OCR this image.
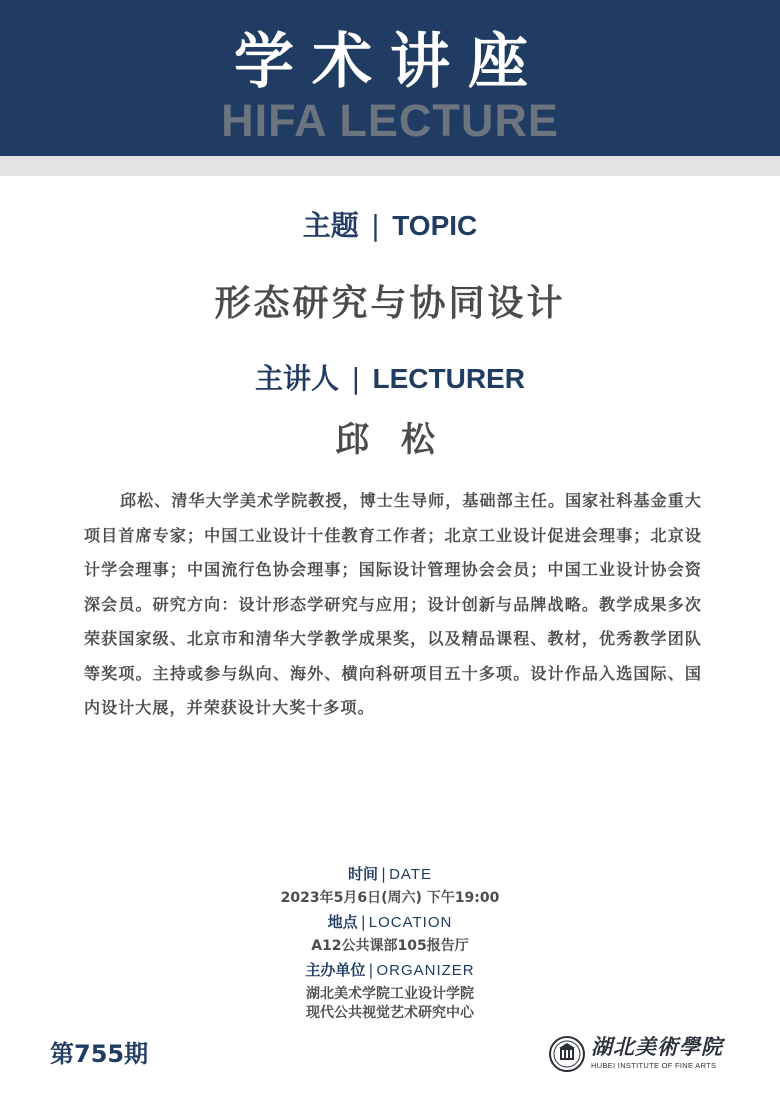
学术讲座
HIFA LECTURE
主题 | TOPIC
形态研究与协同设计
主讲人 | LECTURER
邱 松

邱松、清华大学美术学院教授，博士生导师，基础部主任。国家社科基金重大项目首席专家；中国工业设计十佳教育工作者；北京工业设计促进会理事；北京设计学会理事；中国流行色协会理事；国际设计管理协会会员；中国工业设计协会资深会员。研究方向：设计形态学研究与应用；设计创新与品牌战略。教学成果多次荣获国家级、北京市和清华大学教学成果奖，以及精品课程、教材，优秀教学团队等奖项。主持或参与纵向、海外、横向科研项目五十多项。设计作品入选国际、国内设计大展，并荣获设计大奖十多项。

时间 | DATE
2023年5月6日(周六) 下午19:00
地点 | LOCATION
A12公共课部105报告厅
主办单位 | ORGANIZER
湖北美术学院工业设计学院
现代公共视觉艺术研究中心
第755期	湖北美術學院
HUBEI INSTITUTE OF FINE ARTS
